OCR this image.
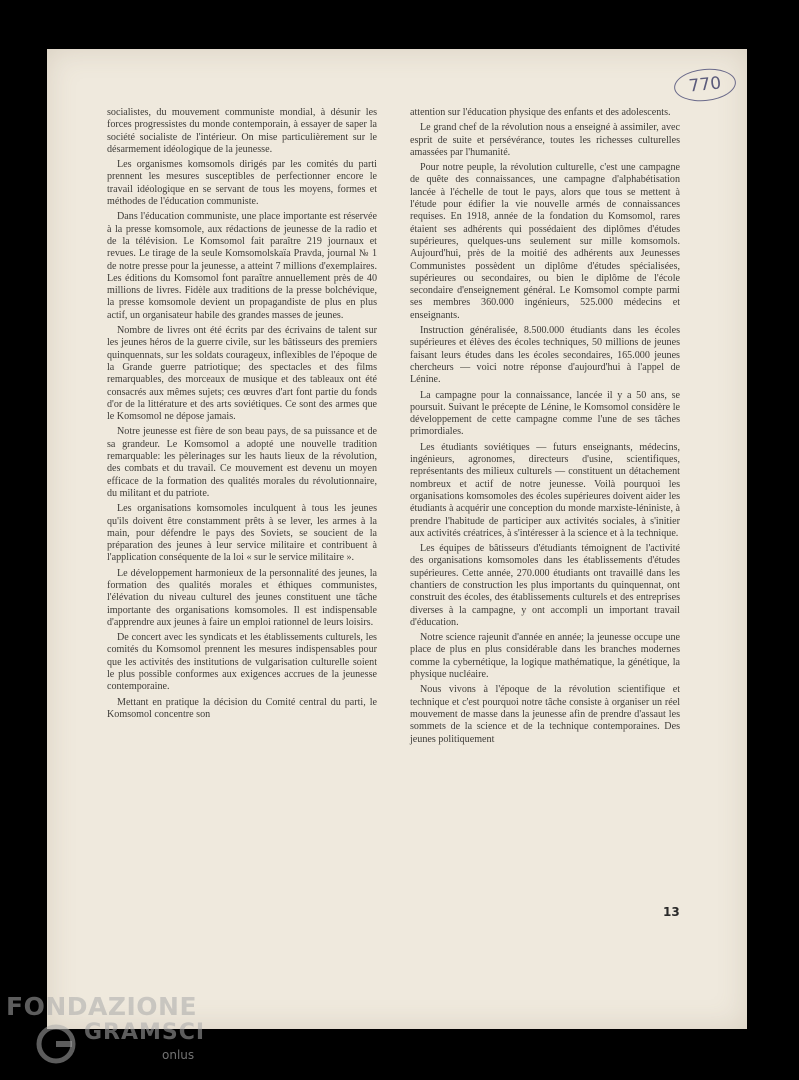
770

socialistes, du mouvement communiste mondial, à désunir les forces progressistes du monde contemporain, à essayer de saper la société socialiste de l'intérieur. On mise particulièrement sur le désarmement idéologique de la jeunesse.

Les organismes komsomols dirigés par les comités du parti prennent les mesures susceptibles de perfectionner encore le travail idéologique en se servant de tous les moyens, formes et méthodes de l'éducation communiste.

Dans l'éducation communiste, une place importante est réservée à la presse komsomole, aux rédactions de jeunesse de la radio et de la télévision. Le Komsomol fait paraître 219 journaux et revues. Le tirage de la seule Komsomolskaïa Pravda, journal № 1 de notre presse pour la jeunesse, a atteint 7 millions d'exemplaires. Les éditions du Komsomol font paraître annuellement près de 40 millions de livres. Fidèle aux traditions de la presse bolchévique, la presse komsomole devient un propagandiste de plus en plus actif, un organisateur habile des grandes masses de jeunes.

Nombre de livres ont été écrits par des écrivains de talent sur les jeunes héros de la guerre civile, sur les bâtisseurs des premiers quinquennats, sur les soldats courageux, inflexibles de l'époque de la Grande guerre patriotique; des spectacles et des films remarquables, des morceaux de musique et des tableaux ont été consacrés aux mêmes sujets; ces œuvres d'art font partie du fonds d'or de la littérature et des arts soviétiques. Ce sont des armes que le Komsomol ne dépose jamais.

Notre jeunesse est fière de son beau pays, de sa puissance et de sa grandeur. Le Komsomol a adopté une nouvelle tradition remarquable: les pèlerinages sur les hauts lieux de la révolution, des combats et du travail. Ce mouvement est devenu un moyen efficace de la formation des qualités morales du révolutionnaire, du militant et du patriote.

Les organisations komsomoles inculquent à tous les jeunes qu'ils doivent être constamment prêts à se lever, les armes à la main, pour défendre le pays des Soviets, se soucient de la préparation des jeunes à leur service militaire et contribuent à l'application conséquente de la loi « sur le service militaire ».

Le développement harmonieux de la personnalité des jeunes, la formation des qualités morales et éthiques communistes, l'élévation du niveau culturel des jeunes constituent une tâche importante des organisations komsomoles. Il est indispensable d'apprendre aux jeunes à faire un emploi rationnel de leurs loisirs.

De concert avec les syndicats et les établissements culturels, les comités du Komsomol prennent les mesures indispensables pour que les activités des institutions de vulgarisation culturelle soient le plus possible conformes aux exigences accrues de la jeunesse contemporaine.

Mettant en pratique la décision du Comité central du parti, le Komsomol concentre son

attention sur l'éducation physique des enfants et des adolescents.

Le grand chef de la révolution nous a enseigné à assimiler, avec esprit de suite et persévérance, toutes les richesses culturelles amassées par l'humanité.

Pour notre peuple, la révolution culturelle, c'est une campagne de quête des connaissances, une campagne d'alphabétisation lancée à l'échelle de tout le pays, alors que tous se mettent à l'étude pour édifier la vie nouvelle armés de connaissances requises. En 1918, année de la fondation du Komsomol, rares étaient ses adhérents qui possédaient des diplômes d'études supérieures, quelques-uns seulement sur mille komsomols. Aujourd'hui, près de la moitié des adhérents aux Jeunesses Communistes possèdent un diplôme d'études spécialisées, supérieures ou secondaires, ou bien le diplôme de l'école secondaire d'enseignement général. Le Komsomol compte parmi ses membres 360.000 ingénieurs, 525.000 médecins et enseignants.

Instruction généralisée, 8.500.000 étudiants dans les écoles supérieures et élèves des écoles techniques, 50 millions de jeunes faisant leurs études dans les écoles secondaires, 165.000 jeunes chercheurs — voici notre réponse d'aujourd'hui à l'appel de Lénine.

La campagne pour la connaissance, lancée il y a 50 ans, se poursuit. Suivant le précepte de Lénine, le Komsomol considère le développement de cette campagne comme l'une de ses tâches primordiales.

Les étudiants soviétiques — futurs enseignants, médecins, ingénieurs, agronomes, directeurs d'usine, scientifiques, représentants des milieux culturels — constituent un détachement nombreux et actif de notre jeunesse. Voilà pourquoi les organisations komsomoles des écoles supérieures doivent aider les étudiants à acquérir une conception du monde marxiste-léniniste, à prendre l'habitude de participer aux activités sociales, à s'initier aux activités créatrices, à s'intéresser à la science et à la technique.

Les équipes de bâtisseurs d'étudiants témoignent de l'activité des organisations komsomoles dans les établissements d'études supérieures. Cette année, 270.000 étudiants ont travaillé dans les chantiers de construction les plus importants du quinquennat, ont construit des écoles, des établissements culturels et des entreprises diverses à la campagne, y ont accompli un important travail d'éducation.

Notre science rajeunit d'année en année; la jeunesse occupe une place de plus en plus considérable dans les branches modernes comme la cybernétique, la logique mathématique, la génétique, la physique nucléaire.

Nous vivons à l'époque de la révolution scientifique et technique et c'est pourquoi notre tâche consiste à organiser un réel mouvement de masse dans la jeunesse afin de prendre d'assaut les sommets de la science et de la technique contemporaines. Des jeunes politiquement

13
FONDAZIONE
GRAMSCI
onlus
